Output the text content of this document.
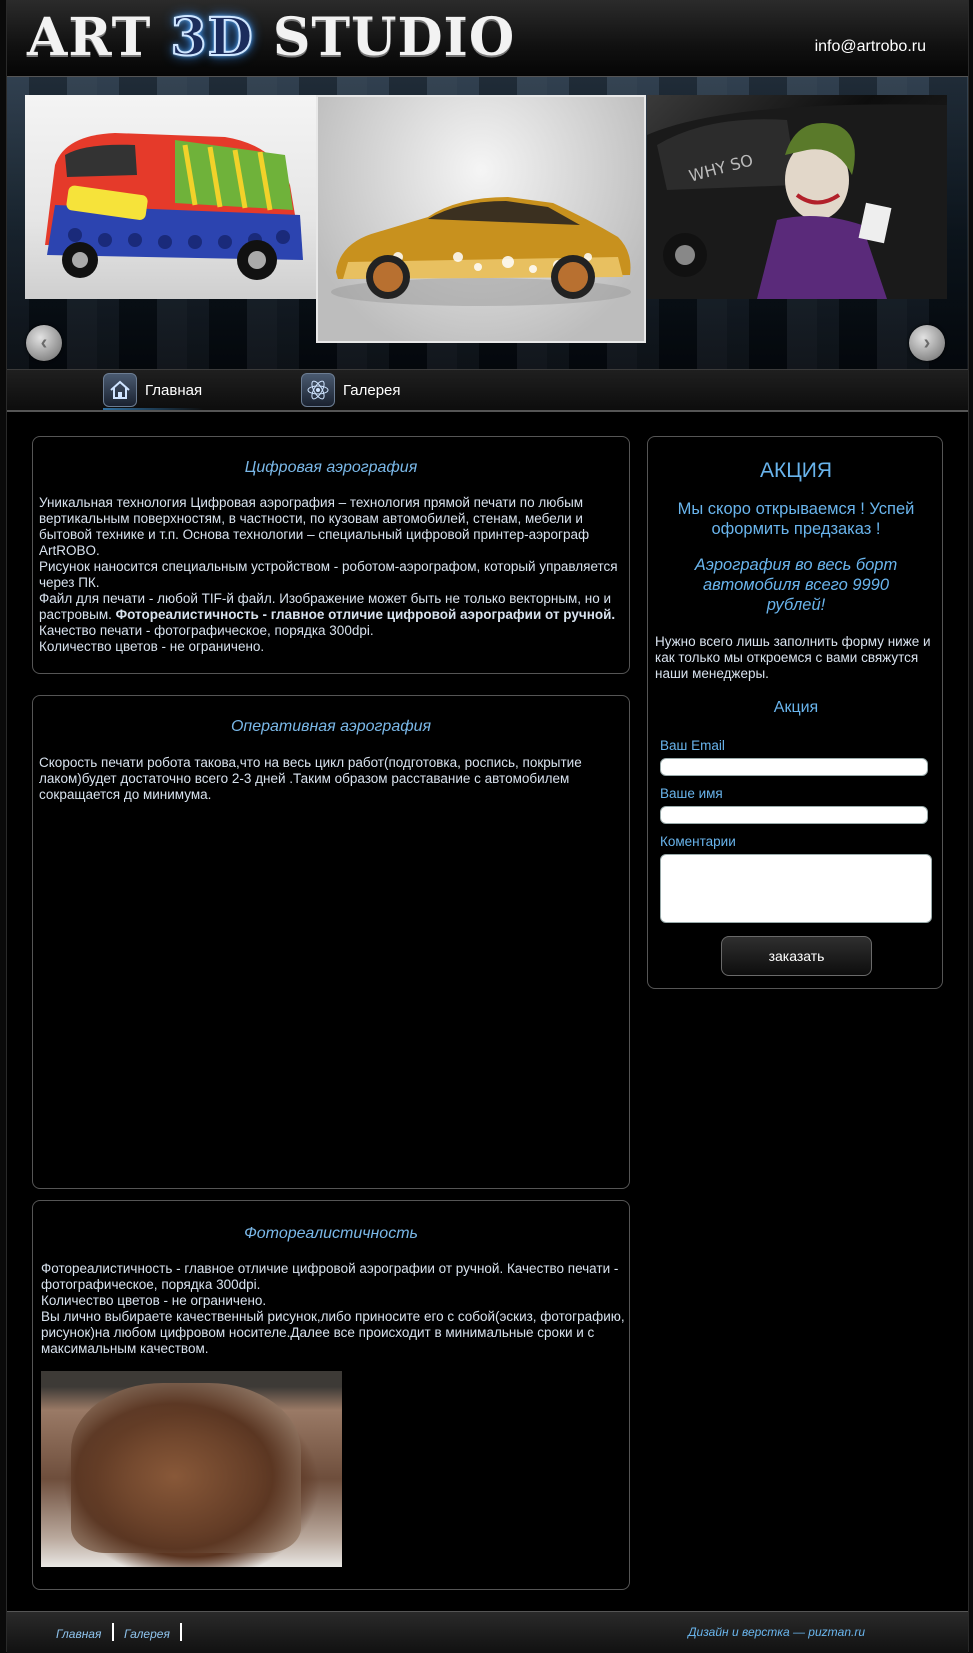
ART 3D STUDIO	info@artrobo.ru
WHY SO
‹	›
Главная	Галерея
Цифровая аэрография

Уникальная технология Цифровая аэрография – технология прямой печати по любым вертикальным поверхностям, в частности, по кузовам автомобилей, стенам, мебели и бытовой технике и т.п. Основа технологии – специальный цифровой принтер-аэрограф ArtROBO.

Рисунок наносится специальным устройством - роботом-аэрографом, который управляется через ПК.

Файл для печати - любой TIF-й файл. Изображение может быть не только векторным, но и растровым. Фотореалистичность - главное отличие цифровой аэрографии от ручной. Качество печати - фотографическое, порядка 300dpi.

Количество цветов - не ограничено.

Оперативная аэрография

Скорость печати робота такова,что на весь цикл работ(подготовка, роспись, покрытие лаком)будет достаточно всего 2-3 дней .Таким образом расставание с автомобилем сокращается до минимума.

Фотореалистичность

Фотореалистичность - главное отличие цифровой аэрографии от ручной. Качество печати - фотографическое, порядка 300dpi.

Количество цветов - не ограничено.

Вы лично выбираете качественный рисунок,либо приносите его с собой(эскиз, фотографию, рисунок)на любом цифровом носителе.Далее все происходит в минимальные сроки и с максимальным качеством.

АКЦИЯ
Мы скоро открываемся ! Успей оформить предзаказ !
Аэрография во весь борт автомобиля всего 9990 рублей!
Нужно всего лишь заполнить форму ниже и как только мы откроемся с вами свяжутся наши менеджеры.
Акция
Ваш Email
Ваше имя
Коментарии
заказать
Главная Галерея	Дизайн и верстка — puzman.ru
